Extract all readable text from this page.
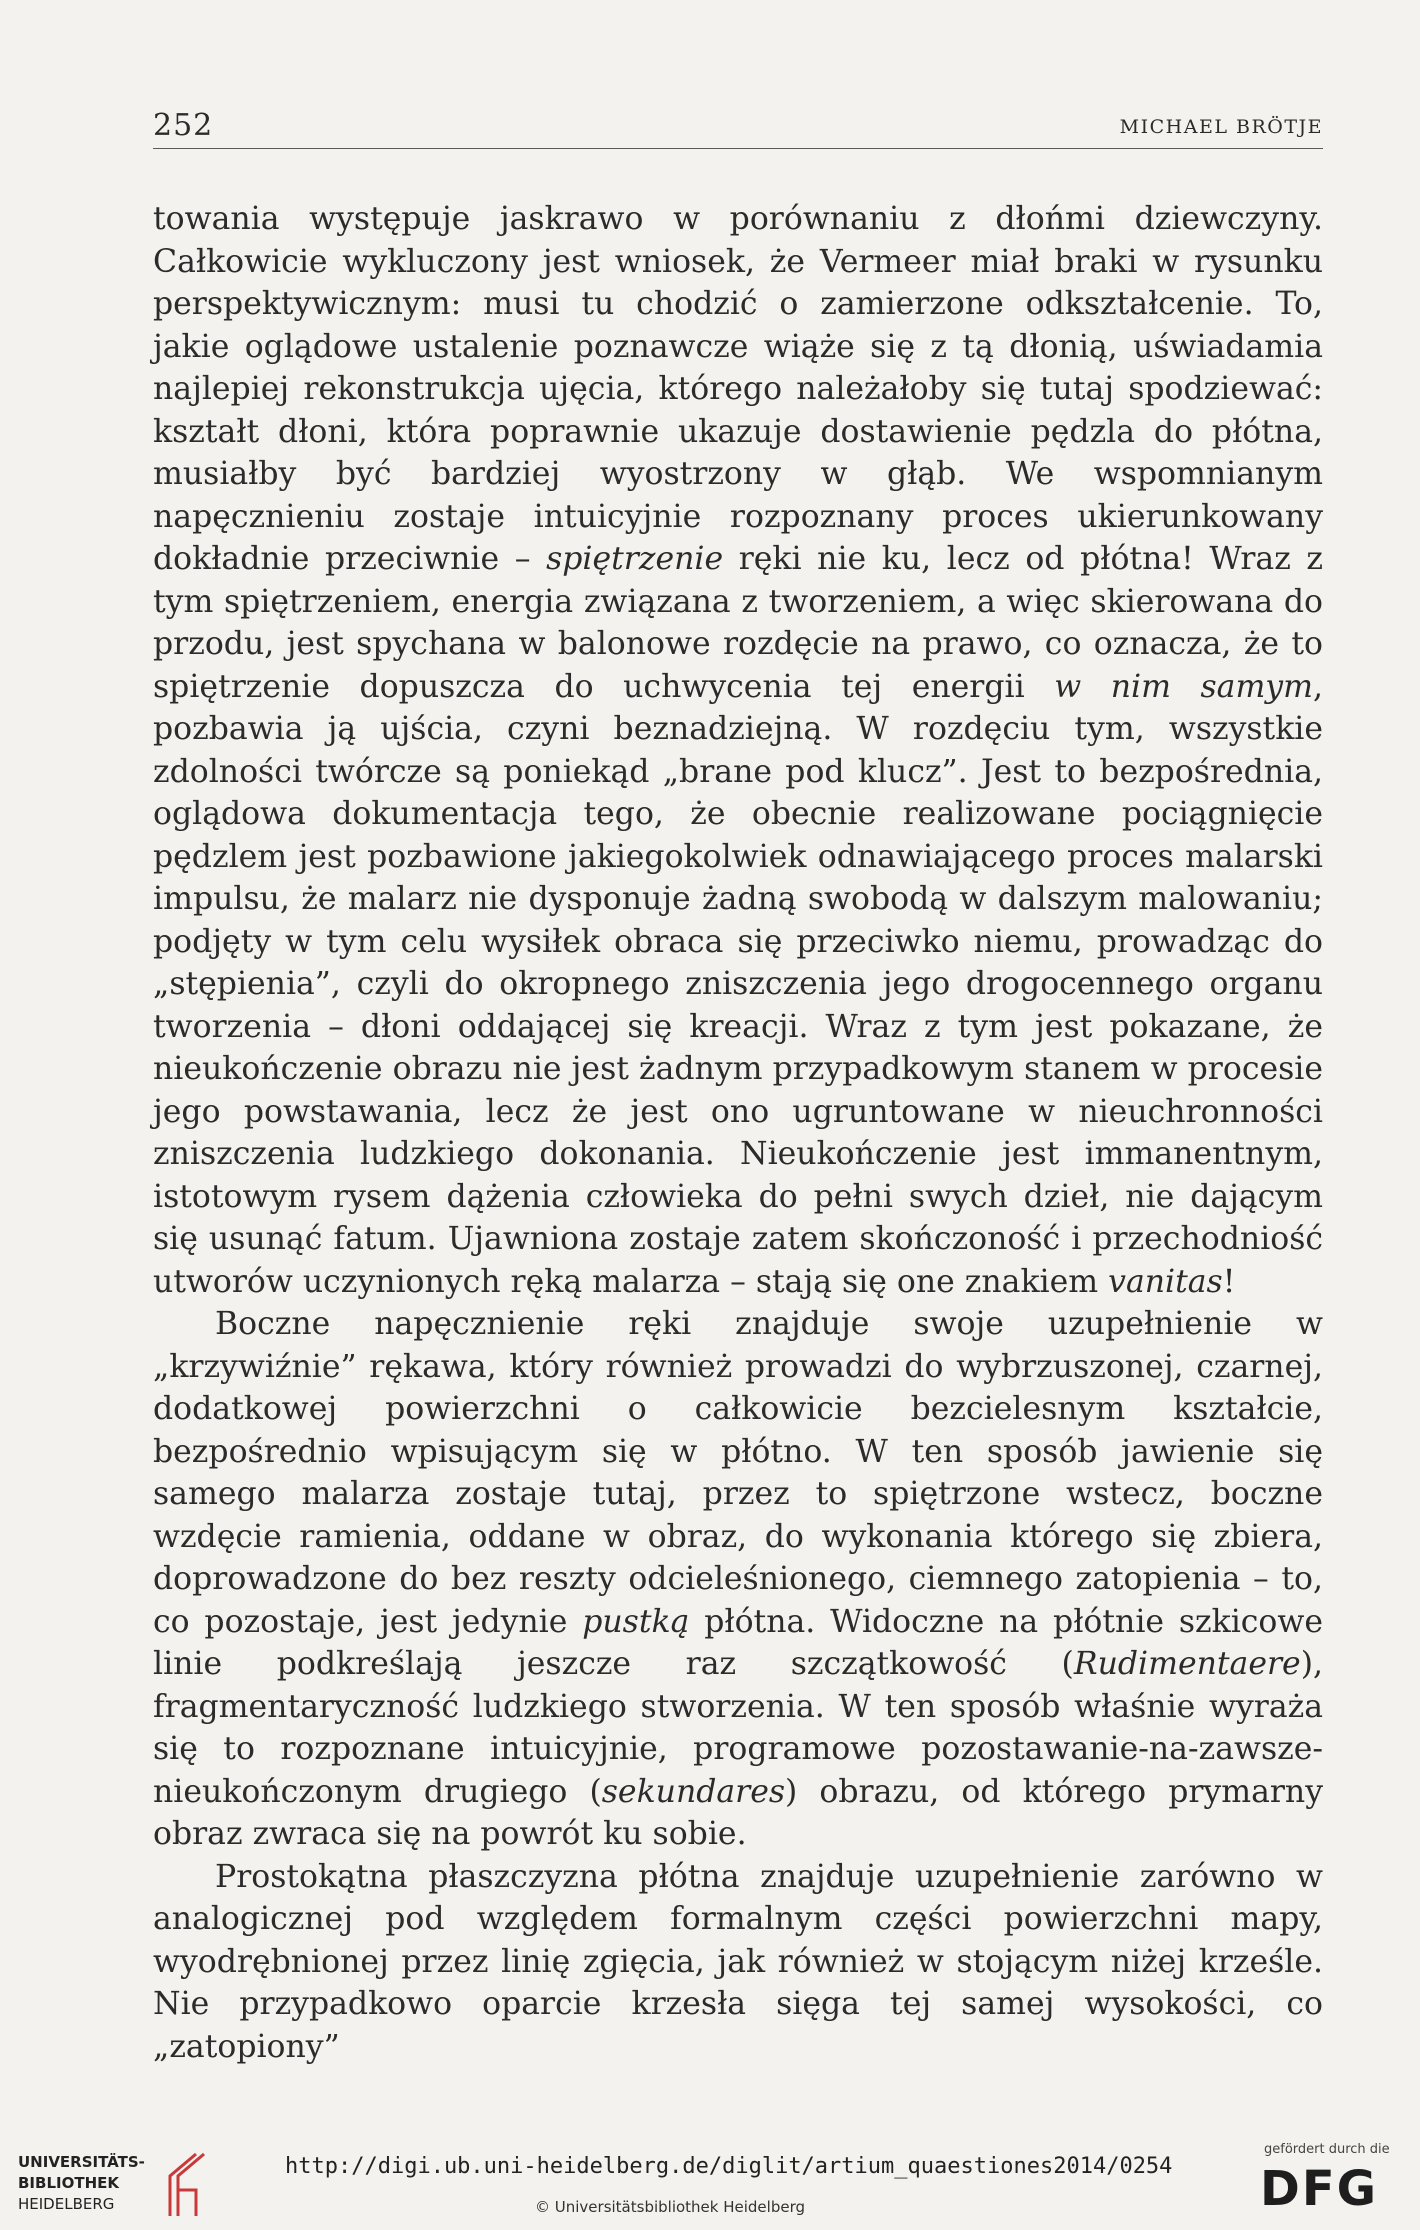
252	MICHAEL BRÖTJE

towania występuje jaskrawo w porównaniu z dłońmi dziewczyny. Całkowicie wykluczony jest wniosek, że Vermeer miał braki w rysunku perspektywicznym: musi tu chodzić o zamierzone odkształcenie. To, jakie oglądowe ustalenie poznawcze wiąże się z tą dłonią, uświadamia najlepiej rekonstrukcja ujęcia, którego należałoby się tutaj spodziewać: kształt dłoni, która poprawnie ukazuje dostawienie pędzla do płótna, musiałby być bardziej wyostrzony w głąb. We wspomnianym napęcznieniu zostaje intuicyjnie rozpoznany proces ukierunkowany dokładnie przeciwnie – spiętrzenie ręki nie ku, lecz od płótna! Wraz z tym spiętrzeniem, energia związana z tworzeniem, a więc skierowana do przodu, jest spychana w balonowe rozdęcie na prawo, co oznacza, że to spiętrzenie dopuszcza do uchwycenia tej energii w nim samym, pozbawia ją ujścia, czyni beznadziejną. W rozdęciu tym, wszystkie zdolności twórcze są poniekąd „brane pod klucz”. Jest to bezpośrednia, oglądowa dokumentacja tego, że obecnie realizowane pociągnięcie pędzlem jest pozbawione jakiegokolwiek odnawiającego proces malarski impulsu, że malarz nie dysponuje żadną swobodą w dalszym malowaniu; podjęty w tym celu wysiłek obraca się przeciwko niemu, prowadząc do „stępienia”, czyli do okropnego zniszczenia jego drogocennego organu tworzenia – dłoni oddającej się kreacji. Wraz z tym jest pokazane, że nieukończenie obrazu nie jest żadnym przypadkowym stanem w procesie jego powstawania, lecz że jest ono ugruntowane w nieuchronności zniszczenia ludzkiego dokonania. Nieukończenie jest immanentnym, istotowym rysem dążenia człowieka do pełni swych dzieł, nie dającym się usunąć fatum. Ujawniona zostaje zatem skończoność i przechodniość utworów uczynionych ręką malarza – stają się one znakiem vanitas!

Boczne napęcznienie ręki znajduje swoje uzupełnienie w „krzywiźnie” rękawa, który również prowadzi do wybrzuszonej, czarnej, dodatkowej powierzchni o całkowicie bezcielesnym kształcie, bezpośrednio wpisującym się w płótno. W ten sposób jawienie się samego malarza zostaje tutaj, przez to spiętrzone wstecz, boczne wzdęcie ramienia, oddane w obraz, do wykonania którego się zbiera, doprowadzone do bez reszty odcieleśnionego, ciemnego zatopienia – to, co pozostaje, jest jedynie pustką płótna. Widoczne na płótnie szkicowe linie podkreślają jeszcze raz szczątkowość (Rudimentaere), fragmentaryczność ludzkiego stworzenia. W ten sposób właśnie wyraża się to rozpoznane intuicyjnie, programowe pozostawanie-na-zawsze-nieukończonym drugiego (sekundares) obrazu, od którego prymarny obraz zwraca się na powrót ku sobie.

Prostokątna płaszczyzna płótna znajduje uzupełnienie zarówno w analogicznej pod względem formalnym części powierzchni mapy, wyodrębnionej przez linię zgięcia, jak również w stojącym niżej krześle. Nie przypadkowo oparcie krzesła sięga tej samej wysokości, co „zatopiony”

UNIVERSITÄTS-
BIBLIOTHEK
HEIDELBERG
http://digi.ub.uni-heidelberg.de/diglit/artium_quaestiones2014/0254
© Universitätsbibliothek Heidelberg
gefördert durch die
DFG
